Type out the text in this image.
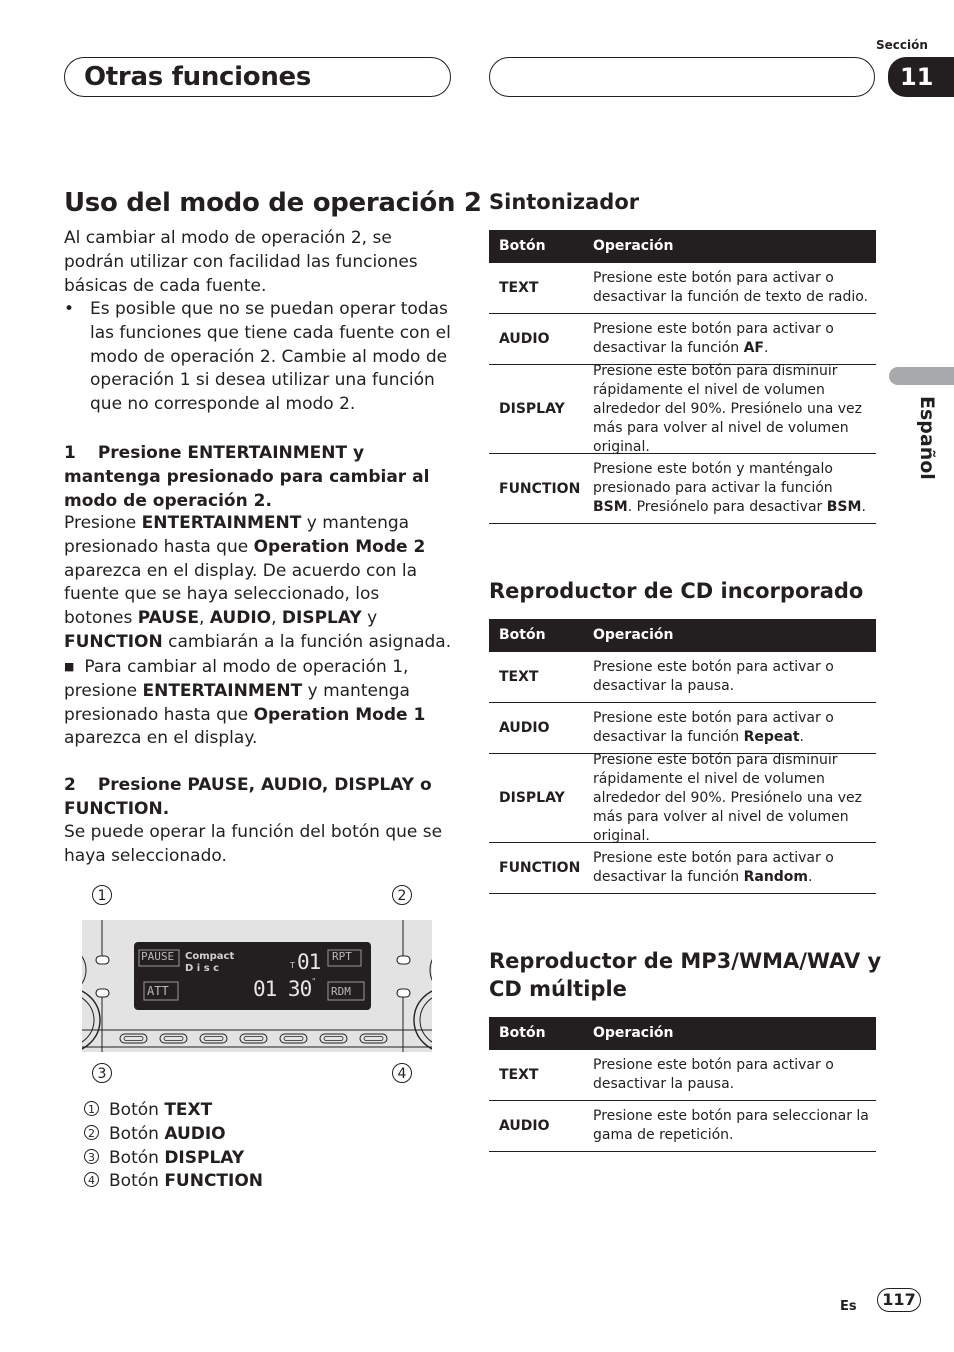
Otras funciones
Sección
11
Español
Uso del modo de operación 2
Al cambiar al modo de operación 2, se podrán utilizar con facilidad las funciones básicas de cada fuente.
• Es posible que no se puedan operar todas las funciones que tiene cada fuente con el modo de operación 2. Cambie al modo de operación 1 si desea utilizar una función que no corresponde al modo 2.
1 Presione ENTERTAINMENT y mantenga presionado para cambiar al modo de operación 2.
Presione ENTERTAINMENT y mantenga presionado hasta que Operation Mode 2 aparezca en el display. De acuerdo con la fuente que se haya seleccionado, los botones PAUSE, AUDIO, DISPLAY y FUNCTION cambiarán a la función asignada.
■ Para cambiar al modo de operación 1, presione ENTERTAINMENT y mantenga presionado hasta que Operation Mode 1 aparezca en el display.
2 Presione PAUSE, AUDIO, DISPLAY o FUNCTION.
Se puede operar la función del botón que se haya seleccionado.
1	2
3	4
PAUSE Compact
D i s c
ATT
T 01
01 30 "
RPT
RDM
1 Botón TEXT
2 Botón AUDIO
3 Botón DISPLAY
4 Botón FUNCTION
Sintonizador
Botón	Operación
TEXT
Presione este botón para activar o desactivar la función de texto de radio.
AUDIO
Presione este botón para activar o desactivar la función AF.
DISPLAY
Presione este botón para disminuir rápidamente el nivel de volumen alrededor del 90%. Presiónelo una vez más para volver al nivel de volumen original.
FUNCTION
Presione este botón y manténgalo presionado para activar la función BSM. Presiónelo para desactivar BSM.
Reproductor de CD incorporado
Botón	Operación
TEXT
Presione este botón para activar o desactivar la pausa.
AUDIO
Presione este botón para activar o desactivar la función Repeat.
DISPLAY
Presione este botón para disminuir rápidamente el nivel de volumen alrededor del 90%. Presiónelo una vez más para volver al nivel de volumen original.
FUNCTION
Presione este botón para activar o desactivar la función Random.
Reproductor de MP3/WMA/WAV y CD múltiple
Botón	Operación
TEXT
Presione este botón para activar o desactivar la pausa.
AUDIO
Presione este botón para seleccionar la gama de repetición.
Es	117
